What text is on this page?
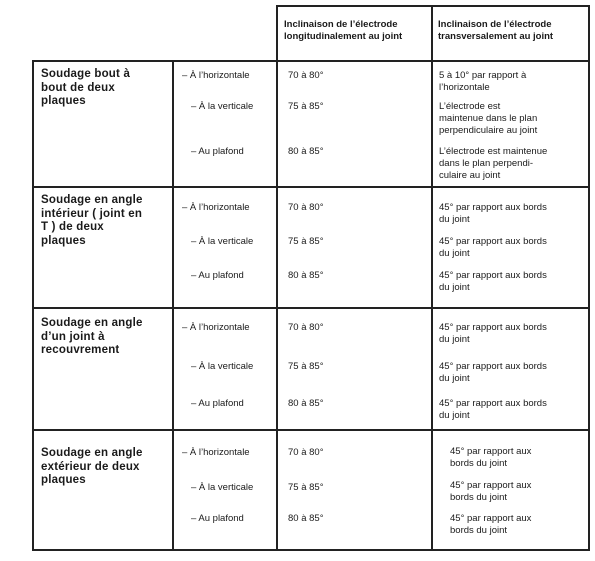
Inclinaison de l’électrode
longitudinalement au joint
Inclinaison de l’électrode
transversalement au joint
Soudage bout à
bout de deux
plaques
– À l’horizontale	70 à 80°	5 à 10° par rapport à
l’horizontale
– À la verticale	75 à 85°	L’électrode est
maintenue dans le plan
perpendiculaire au joint
– Au plafond	80 à 85°	L’électrode est maintenue
dans le plan perpendi-
culaire au joint
Soudage en angle
intérieur ( joint en
T ) de deux
plaques
– À l’horizontale	70 à 80°	45° par rapport aux bords
du joint
– À la verticale	75 à 85°	45° par rapport aux bords
du joint
– Au plafond	80 à 85°	45° par rapport aux bords
du joint
Soudage en angle
d’un joint à
recouvrement
– À l’horizontale	70 à 80°	45° par rapport aux bords
du joint
– À la verticale	75 à 85°	45° par rapport aux bords
du joint
– Au plafond	80 à 85°	45° par rapport aux bords
du joint
Soudage en angle
extérieur de deux
plaques
– À l’horizontale	70 à 80°	45° par rapport aux
bords du joint
– À la verticale	75 à 85°	45° par rapport aux
bords du joint
– Au plafond	80 à 85°	45° par rapport aux
bords du joint
